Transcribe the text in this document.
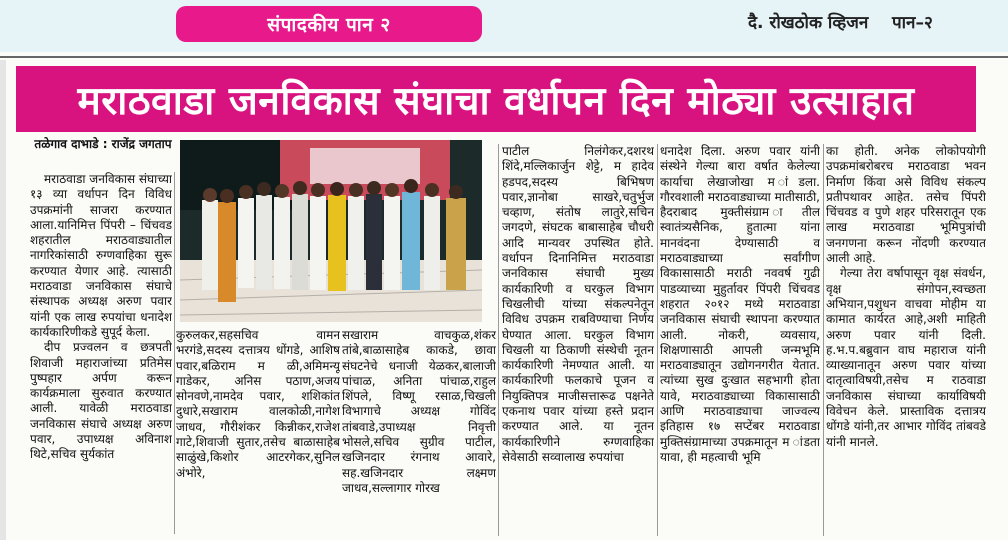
संपादकीय पान २	दै. रोखठोक व्हिजन पान–२
मराठवाडा जनविकास संघाचा वर्धापन दिन मोठ्या उत्साहात
तळेगाव दाभाडे : राजेंद्र जगताप

मराठवाडा जनविकास संघाच्या १३ व्या वर्धापन दिन विविध उपक्रमांनी साजरा करण्यात आला.यानिमित्त पिंपरी – चिंचवड शहरातील मराठवाड्यातील नागरिकांसाठी रुग्णवाहिका सुरू करण्यात येणार आहे. त्यासाठी मराठवाडा जनविकास संघाचे संस्थापक अध्यक्ष अरुण पवार यांनी एक लाख रुपयांचा धनादेश कार्यकारिणीकडे सुपूर्द केला.

दीप प्रज्वलन व छत्रपती शिवाजी महाराजांच्या प्रतिमेस पुष्पहार अर्पण करून कार्यक्रमाला सुरुवात करण्यात आली. यावेळी मराठवाडा जनविकास संघाचे अध्यक्ष अरुण पवार, उपाध्यक्ष अविनाश थिटे,सचिव सुर्यकांत

कुरुलकर,सहसचिव वामन भरगंडे,सदस्य दत्तात्रय धोंगडे, आशिष पवार,बळिराम म ळी,अमिमन्यू गाडेकर, अनिस पठाण,अजय सोनवणे,नामदेव पवार, शशिकांत दुधारे,सखाराम वालकोळी,नागेश जाधव, गौरीशंकर किन्नीकर,राजेश गाटे,शिवाजी सुतार,तसेच बाळासाहेब साळुंखे,किशोर आटरगेकर,सुनिल अंभोरे,

सखाराम वाचकुळ,शंकर तांबे,बाळासाहेब काकडे, छावा संघटनेचे धनाजी येळकर,बालाजी पांचाळ, अनिता पांचाळ,राहुल शिंपले, विष्णू रसाळ,चिखली विभागाचे अध्यक्ष गोविंद तांबवाडे,उपाध्यक्ष निवृत्ती भोसले,सचिव सुग्रीव पाटील, खजिनदार रंगनाथ आवारे, सह.खजिनदार लक्ष्मण जाधव,सल्लागार गोरख

पाटील निलंगेकर,दशरथ शिंदे,मल्लिकार्जुन शेट्टे, म हादेव हडपद,सदस्य बिभिषण पवार,ज्ञानोबा साखरे,चतुर्भुज चव्हाण, संतोष लातुरे,सचिन जगदणे, संघटक बाबासाहेब चौधरी आदि मान्यवर उपस्थित होते. वर्धापन दिनानिमित्त मराठवाडा जनविकास संघाची मुख्य कार्यकारिणी व घरकुल विभाग चिखलीची यांच्या संकल्पनेतून विविध उपक्रम राबविण्याचा निर्णय घेण्यात आला. घरकुल विभाग चिखली या ठिकाणी संस्थेची नूतन कार्यकारिणी नेमण्यात आली. या कार्यकारिणी फलकाचे पूजन व नियुक्तिपत्र माजीसत्तारूढ पक्षनेते एकनाथ पवार यांच्या हस्ते प्रदान करण्यात आले. या नूतन कार्यकारिणीने रुग्णवाहिका सेवेसाठी सव्वालाख रुपयांचा

धनादेश दिला. अरुण पवार यांनी संस्थेने गेल्या बारा वर्षात केलेल्या कार्याचा लेखाजोखा म ांडला. गौरवशाली मराठवाड्याच्या मातीसाठी, हैदराबाद मुक्तीसंग्राम ातील स्वातंत्र्यसैनिक, हुतात्मा यांना मानवंदना देण्यासाठी व मराठवाड्याच्या सर्वांगीण विकासासाठी मराठी नववर्ष गुढी पाडव्याच्या मुहुर्तावर पिंपरी चिंचवड शहरात २०१२ मध्ये मराठवाडा जनविकास संघाची स्थापना करण्यात आली. नोकरी, व्यवसाय, शिक्षणासाठी आपली जन्मभूमि मराठवाड्यातून उद्योगनगरीत येतात. त्यांच्या सुख दुःखात सहभागी होता यावे, मराठवाड्याच्या विकासासाठी आणि मराठवाड्याचा जाज्वल्य इतिहास १७ सप्टेंबर मराठवाडा मुक्तिसंग्रामाच्या उपक्रमातून म ांडता यावा, ही महत्वाची भूमि

का होती. अनेक लोकोपयोगी उपक्रमांबरोबरच मराठवाडा भवन निर्माण किंवा असे विविध संकल्प प्रतीपथावर आहेत. तसेच पिंपरी चिंचवड व पुणे शहर परिसरातून एक लाख मराठवाडा भूमिपुत्रांची जनगणना करून नोंदणी करण्यात आली आहे.

गेल्या तेरा वर्षापासून वृक्ष संवर्धन, वृक्ष संगोपन,स्वच्छता अभियान,पशुधन वाचवा मोहीम या कामात कार्यरत आहे,अशी माहिती अरुण पवार यांनी दिली. ह.भ.प.बब्रुवान वाघ महाराज यांनी व्याख्यानातून अरुण पवार यांच्या दातृत्वाविषयी,तसेच म राठवाडा जनविकास संघाच्या कार्याविषयी विवेचन केले. प्रास्ताविक दत्तात्रय धोंगडे यांनी,तर आभार गोविंद तांबवडे यांनी मानले.
